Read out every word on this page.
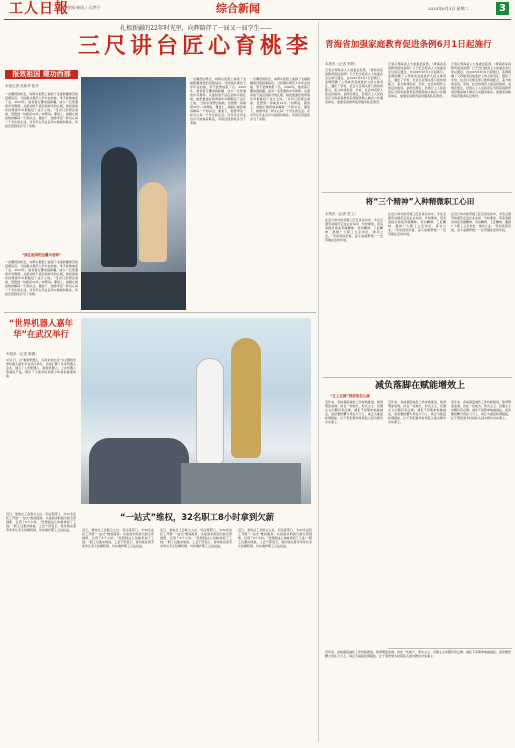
工人日報
要闻·新闻 / 天津日	综合新闻	2025年6月3日 星期二	3
扎根新疆的22年时光里，向辉陪伴了一届又一届学生——
三尺讲台匠心育桃李
报效祖国 建功西部
本报记者 吴新华 张开
一次偶然的机会，向辉从报纸上看到了支援新疆建设的招募信息。当时刚从师范大学毕业的她，毫不犹豫地报了名。2003年，她背着行囊来到新疆，成为一名普通的中学教师。从最初的不适应到如今的扎根，她把最美好的青春年华都献给了这片土地。“当初只是想去看看，没想到一待就是22年。”向辉说。课堂上，她耐心细致地讲解每一个知识点；课堂下，她像母亲一样关心每一个学生的生活。许多学生毕业后仍与她保持联系，有的还回到家乡当了老师。
“我在祖国的边疆当老师”
一次偶然的机会，向辉从报纸上看到了支援新疆建设的招募信息。当时刚从师范大学毕业的她，毫不犹豫地报了名。2003年，她背着行囊来到新疆，成为一名普通的中学教师。从最初的不适应到如今的扎根，她把最美好的青春年华都献给了这片土地。“当初只是想去看看，没想到一待就是22年。”向辉说。课堂上，她耐心细致地讲解每一个知识点；课堂下，她像母亲一样关心每一个学生的生活。许多学生毕业后仍与她保持联系，有的还回到家乡当了老师。
一次偶然的机会，向辉从报纸上看到了支援新疆建设的招募信息。当时刚从师范大学毕业的她，毫不犹豫地报了名。2003年，她背着行囊来到新疆，成为一名普通的中学教师。从最初的不适应到如今的扎根，她把最美好的青春年华都献给了这片土地。“当初只是想去看看，没想到一待就是22年。”向辉说。课堂上，她耐心细致地讲解每一个知识点；课堂下，她像母亲一样关心每一个学生的生活。许多学生毕业后仍与她保持联系，有的还回到家乡当了老师。
一次偶然的机会，向辉从报纸上看到了支援新疆建设的招募信息。当时刚从师范大学毕业的她，毫不犹豫地报了名。2003年，她背着行囊来到新疆，成为一名普通的中学教师。从最初的不适应到如今的扎根，她把最美好的青春年华都献给了这片土地。“当初只是想去看看，没想到一待就是22年。”向辉说。课堂上，她耐心细致地讲解每一个知识点；课堂下，她像母亲一样关心每一个学生的生活。许多学生毕业后仍与她保持联系，有的还回到家乡当了老师。
青海省加强家庭教育促进条例6月1日起施行
本报讯（记者 李婷）
记者从青海省人大常委会获悉，《青海省家庭教育促进条例》已于近日经省人大常委会会议审议通过，自2025年6月1日起施行。条例明确了父母或者其他监护人的主体责任，强化了学校、社会以及相关部门的协同配合，着力构建家庭、学校、社会协同育人的良好格局。条例还规定，县级以上人民政府应当将家庭教育指导服务纳入城乡公共服务体系，加强家庭教育指导服务队伍建设。
记者从青海省人大常委会获悉，《青海省家庭教育促进条例》已于近日经省人大常委会会议审议通过，自2025年6月1日起施行。条例明确了父母或者其他监护人的主体责任，强化了学校、社会以及相关部门的协同配合，着力构建家庭、学校、社会协同育人的良好格局。条例还规定，县级以上人民政府应当将家庭教育指导服务纳入城乡公共服务体系，加强家庭教育指导服务队伍建设。
记者从青海省人大常委会获悉，《青海省家庭教育促进条例》已于近日经省人大常委会会议审议通过，自2025年6月1日起施行。条例明确了父母或者其他监护人的主体责任，强化了学校、社会以及相关部门的协同配合，着力构建家庭、学校、社会协同育人的良好格局。条例还规定，县级以上人民政府应当将家庭教育指导服务纳入城乡公共服务体系，加强家庭教育指导服务队伍建设。
将“三个精神”入种精微职工心田
本报讯（记者 张工）
在近日举办的劳模工匠宣讲活动中，多名全国劳动模范走进企业车间、学校课堂，用亲身经历讲述劳模精神、劳动精神、工匠精神，激励广大职工立足岗位、建功立业。“劳动创造价值，奋斗成就梦想。”一位劳模在宣讲中说。
在近日举办的劳模工匠宣讲活动中，多名全国劳动模范走进企业车间、学校课堂，用亲身经历讲述劳模精神、劳动精神、工匠精神，激励广大职工立足岗位、建功立业。“劳动创造价值，奋斗成就梦想。”一位劳模在宣讲中说。
在近日举办的劳模工匠宣讲活动中，多名全国劳动模范走进企业车间、学校课堂，用亲身经历讲述劳模精神、劳动精神、工匠精神，激励广大职工立足岗位、建功立业。“劳动创造价值，奋斗成就梦想。”一位劳模在宣讲中说。
减负落脚在赋能增效上
“五上五减”到底该怎么减
近年来，各地基层减负工作持续推进，取得明显成效。但在一些地方，形式主义、官僚主义问题仍有反弹。减负不是简单地做减法，而是要把精力用在刀刃上，真正为基层松绑赋能，让干部把更多时间投入到为群众办实事上。
近年来，各地基层减负工作持续推进，取得明显成效。但在一些地方，形式主义、官僚主义问题仍有反弹。减负不是简单地做减法，而是要把精力用在刀刃上，真正为基层松绑赋能，让干部把更多时间投入到为群众办实事上。
近年来，各地基层减负工作持续推进，取得明显成效。但在一些地方，形式主义、官僚主义问题仍有反弹。减负不是简单地做减法，而是要把精力用在刀刃上，真正为基层松绑赋能，让干部把更多时间投入到为群众办实事上。
近年来，各地基层减负工作持续推进，取得明显成效。但在一些地方，形式主义、官僚主义问题仍有反弹。减负不是简单地做减法，而是要把精力用在刀刃上，真正为基层松绑赋能，让干部把更多时间投入到为群众办实事上。
“世界机器人嘉年华”在武汉举行
本报讯（记者 陈俊）
6月1日，以“智能机器人，点亮未来生活”为主题的世界机器人嘉年华在武汉举行。活动汇聚了多家机器人企业，展示了人形机器人、服务机器人、工业机器人等前沿产品，吸引了大批市民和青少年前来参观体验。
“一站式”维权，32名职工8小时拿到欠薪
近日，某地总工会联合人社、司法等部门，为32名农民工开展“一站式”维权服务。从接到求助到欠薪全部到账，仅用了8个小时。“没想到这么快就拿到了工钱！”职工们激动地说。工会干部表示，将持续完善劳动争议多元化解机制，切实维护职工合法权益。	近日，某地总工会联合人社、司法等部门，为32名农民工开展“一站式”维权服务。从接到求助到欠薪全部到账，仅用了8个小时。“没想到这么快就拿到了工钱！”职工们激动地说。工会干部表示，将持续完善劳动争议多元化解机制，切实维护职工合法权益。
近日，某地总工会联合人社、司法等部门，为32名农民工开展“一站式”维权服务。从接到求助到欠薪全部到账，仅用了8个小时。“没想到这么快就拿到了工钱！”职工们激动地说。工会干部表示，将持续完善劳动争议多元化解机制，切实维护职工合法权益。
近日，某地总工会联合人社、司法等部门，为32名农民工开展“一站式”维权服务。从接到求助到欠薪全部到账，仅用了8个小时。“没想到这么快就拿到了工钱！”职工们激动地说。工会干部表示，将持续完善劳动争议多元化解机制，切实维护职工合法权益。
